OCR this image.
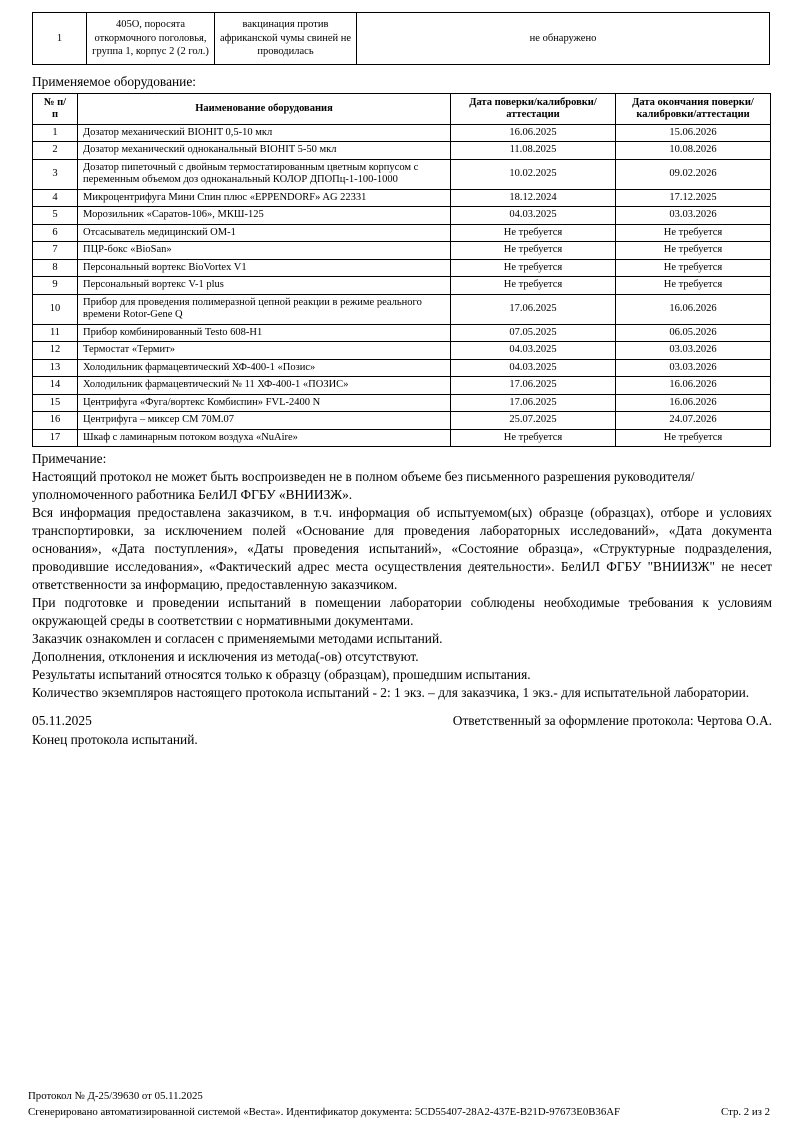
1	405О, поросята откормочного поголовья, группа 1, корпус 2 (2 гол.)	вакцинация против африканской чумы свиней не проводилась	не обнаружено
Применяемое оборудование:
№ п/п	Наименование оборудования	Дата поверки/калибровки/аттестации	Дата окончания поверки/калибровки/аттестации
1	Дозатор механический BIOHIT 0,5-10 мкл	16.06.2025	15.06.2026
2	Дозатор механический одноканальный BIOHIT 5-50 мкл	11.08.2025	10.08.2026
3	Дозатор пипеточный с двойным термостатированным цветным корпусом с переменным объемом доз одноканальный КОЛОР ДПОПц-1-100-1000	10.02.2025	09.02.2026
4	Микроцентрифуга Мини Спин плюс «EPPENDORF» AG 22331	18.12.2024	17.12.2025
5	Морозильник «Саратов-106», МКШ-125	04.03.2025	03.03.2026
6	Отсасыватель медицинский ОМ-1	Не требуется	Не требуется
7	ПЦР-бокс «BioSan»	Не требуется	Не требуется
8	Персональный вортекс BioVortex V1	Не требуется	Не требуется
9	Персональный вортекс V-1 plus	Не требуется	Не требуется
10	Прибор для проведения полимеразной цепной реакции в режиме реального времени Rotor-Gene Q	17.06.2025	16.06.2026
11	Прибор комбинированный Testo 608-H1	07.05.2025	06.05.2026
12	Термостат «Термит»	04.03.2025	03.03.2026
13	Холодильник фармацевтический ХФ-400-1 «Позис»	04.03.2025	03.03.2026
14	Холодильник фармацевтический № 11 ХФ-400-1 «ПОЗИС»	17.06.2025	16.06.2026
15	Центрифуга «Фуга/вортекс Комбиспин» FVL-2400 N	17.06.2025	16.06.2026
16	Центрифуга – миксер СМ 70М.07	25.07.2025	24.07.2026
17	Шкаф с ламинарным потоком воздуха «NuAire»	Не требуется	Не требуется

Примечание:

Настоящий протокол не может быть воспроизведен не в полном объеме без письменного разрешения руководителя/уполномоченного работника БелИЛ ФГБУ «ВНИИЗЖ».

Вся информация предоставлена заказчиком, в т.ч. информация об испытуемом(ых) образце (образцах), отборе и условиях транспортировки, за исключением полей «Основание для проведения лабораторных исследований», «Дата документа основания», «Дата поступления», «Даты проведения испытаний», «Состояние образца», «Структурные подразделения, проводившие исследования», «Фактический адрес места осуществления деятельности». БелИЛ ФГБУ "ВНИИЗЖ" не несет ответственности за информацию, предоставленную заказчиком.

При подготовке и проведении испытаний в помещении лаборатории соблюдены необходимые требования к условиям окружающей среды в соответствии с нормативными документами.

Заказчик ознакомлен и согласен с применяемыми методами испытаний.

Дополнения, отклонения и исключения из метода(-ов) отсутствуют.

Результаты испытаний относятся только к образцу (образцам), прошедшим испытания.

Количество экземпляров настоящего протокола испытаний - 2: 1 экз. – для заказчика, 1 экз.- для испытательной лаборатории.

05.11.2025	Ответственный за оформление протокола: Чертова О.А.

Конец протокола испытаний.

Протокол № Д-25/39630 от 05.11.2025
Сгенерировано автоматизированной системой «Веста». Идентификатор документа: 5CD55407-28A2-437E-B21D-97673E0B36AF	Стр. 2 из 2
